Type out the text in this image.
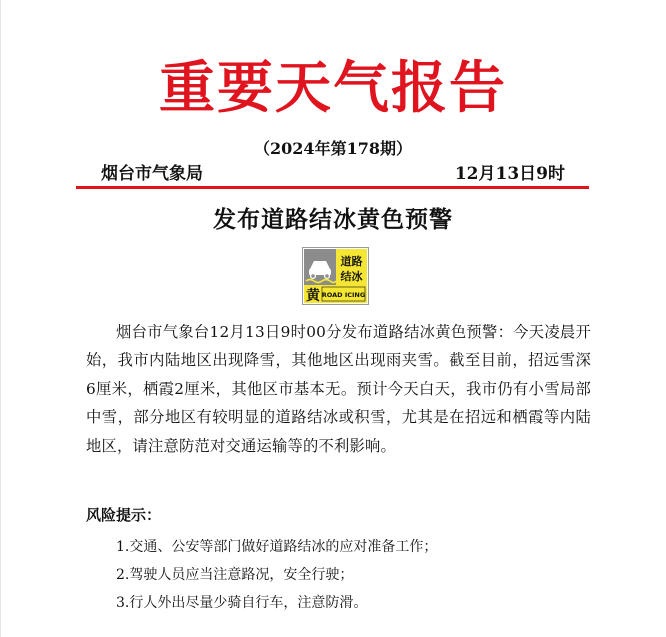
重要天气报告
（2024年第178期）
烟台市气象局	12月13日9时
发布道路结冰黄色预警
道路
结冰
黄 ROAD ICING

烟台市气象台12月13日9时00分发布道路结冰黄色预警：今天凌晨开始，我市内陆地区出现降雪，其他地区出现雨夹雪。截至目前，招远雪深6厘米，栖霞2厘米，其他区市基本无。预计今天白天，我市仍有小雪局部中雪，部分地区有较明显的道路结冰或积雪，尤其是在招远和栖霞等内陆地区，请注意防范对交通运输等的不利影响。

风险提示：
1.交通、公安等部门做好道路结冰的应对准备工作；
2.驾驶人员应当注意路况，安全行驶；
3.行人外出尽量少骑自行车，注意防滑。
